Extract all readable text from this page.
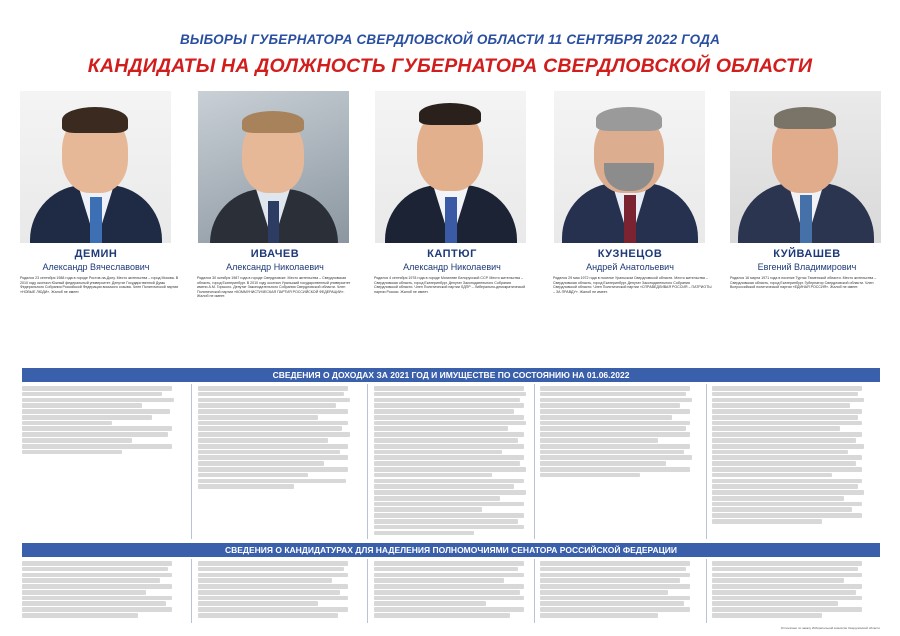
ВЫБОРЫ ГУБЕРНАТОРА СВЕРДЛОВСКОЙ ОБЛАСТИ 11 СЕНТЯБРЯ 2022 ГОДА
КАНДИДАТЫ НА ДОЛЖНОСТЬ ГУБЕРНАТОРА СВЕРДЛОВСКОЙ ОБЛАСТИ
ДЕМИН
Александр Вячеславович
ИВАЧЕВ
Александр Николаевич
КАПТЮГ
Александр Николаевич
КУЗНЕЦОВ
Андрей Анатольевич
КУЙВАШЕВ
Евгений Владимирович
Родился 23 сентября 1988 года в городе Ростов-на-Дону. Место жительства – город Москва. В 2010 году окончил Южный федеральный университет. Депутат Государственной Думы Федерального Собрания Российской Федерации восьмого созыва. Член Политической партии «НОВЫЕ ЛЮДИ». Жалоб не имеет.
Родился 30 октября 1987 года в городе Свердловске. Место жительства – Свердловская область, город Екатеринбург. В 2010 году окончил Уральский государственный университет имени А.М. Горького. Депутат Законодательного Собрания Свердловской области. Член Политической партии «КОММУНИСТИЧЕСКАЯ ПАРТИЯ РОССИЙСКОЙ ФЕДЕРАЦИИ». Жалоб не имеет.
Родился 4 сентября 1978 года в городе Могилеве Белорусской ССР. Место жительства – Свердловская область, город Екатеринбург. Депутат Законодательного Собрания Свердловской области. Член Политической партии ЛДПР – Либерально-демократической партии России. Жалоб не имеет.
Родился 29 мая 1972 года в поселке Уральском Свердловской области. Место жительства – Свердловская область, город Екатеринбург. Депутат Законодательного Собрания Свердловской области. Член Политической партии «СПРАВЕДЛИВАЯ РОССИЯ – ПАТРИОТЫ – ЗА ПРАВДУ». Жалоб не имеет.
Родился 16 марта 1971 года в поселке Туртас Тюменской области. Место жительства – Свердловская область, город Екатеринбург. Губернатор Свердловской области. Член Всероссийской политической партии «ЕДИНАЯ РОССИЯ». Жалоб не имеет.
СВЕДЕНИЯ О ДОХОДАХ ЗА 2021 ГОД И ИМУЩЕСТВЕ ПО СОСТОЯНИЮ НА 01.06.2022
СВЕДЕНИЯ О КАНДИДАТУРАХ ДЛЯ НАДЕЛЕНИЯ ПОЛНОМОЧИЯМИ СЕНАТОРА РОССИЙСКОЙ ФЕДЕРАЦИИ
Отпечатано по заказу Избирательной комиссии Свердловской области
